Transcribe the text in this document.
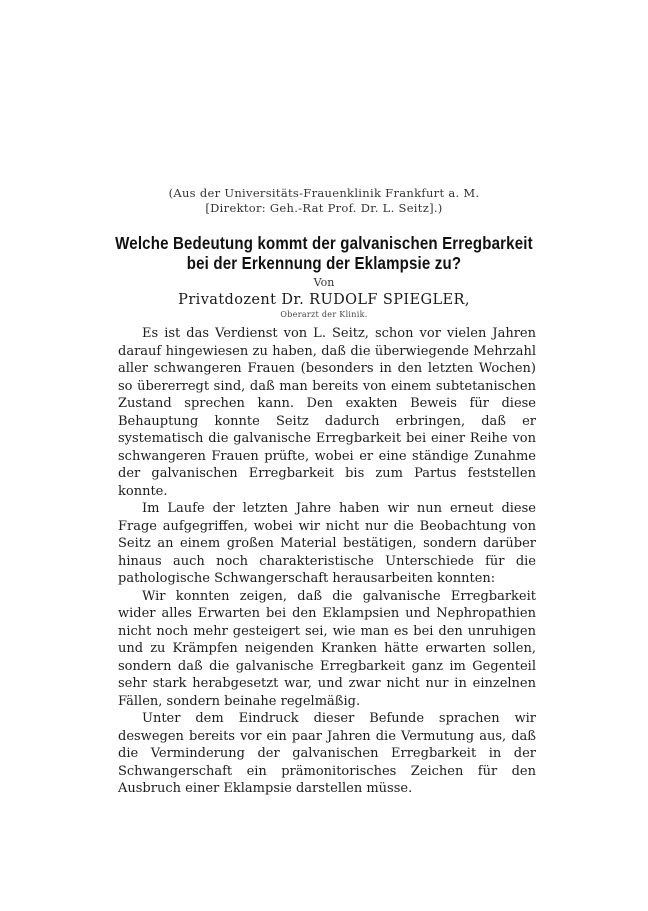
(Aus der Universitäts-Frauenklinik Frankfurt a. M.
[Direktor: Geh.-Rat Prof. Dr. L. Seitz].)
Welche Bedeutung kommt der galvanischen Erregbarkeit
bei der Erkennung der Eklampsie zu?
Von
Privatdozent Dr. RUDOLF SPIEGLER,
Oberarzt der Klinik.

Es ist das Verdienst von L. Seitz, schon vor vielen Jahren darauf hingewiesen zu haben, daß die überwiegende Mehrzahl aller schwangeren Frauen (besonders in den letzten Wochen) so übererregt sind, daß man bereits von einem subtetanischen Zustand sprechen kann. Den exakten Beweis für diese Behauptung konnte Seitz dadurch erbringen, daß er systematisch die galvanische Erregbarkeit bei einer Reihe von schwangeren Frauen prüfte, wobei er eine ständige Zunahme der galvanischen Erregbarkeit bis zum Partus feststellen konnte.

Im Laufe der letzten Jahre haben wir nun erneut diese Frage aufgegriffen, wobei wir nicht nur die Beobachtung von Seitz an einem großen Material bestätigen, sondern darüber hinaus auch noch charakteristische Unterschiede für die pathologische Schwangerschaft herausarbeiten konnten:

Wir konnten zeigen, daß die galvanische Erregbarkeit wider alles Erwarten bei den Eklampsien und Nephropathien nicht noch mehr gesteigert sei, wie man es bei den unruhigen und zu Krämpfen neigenden Kranken hätte erwarten sollen, sondern daß die galvanische Erregbarkeit ganz im Gegenteil sehr stark herabgesetzt war, und zwar nicht nur in einzelnen Fällen, sondern beinahe regelmäßig.

Unter dem Eindruck dieser Befunde sprachen wir deswegen bereits vor ein paar Jahren die Vermutung aus, daß die Verminderung der galvanischen Erregbarkeit in der Schwangerschaft ein prämonitorisches Zeichen für den Ausbruch einer Eklampsie darstellen müsse.
